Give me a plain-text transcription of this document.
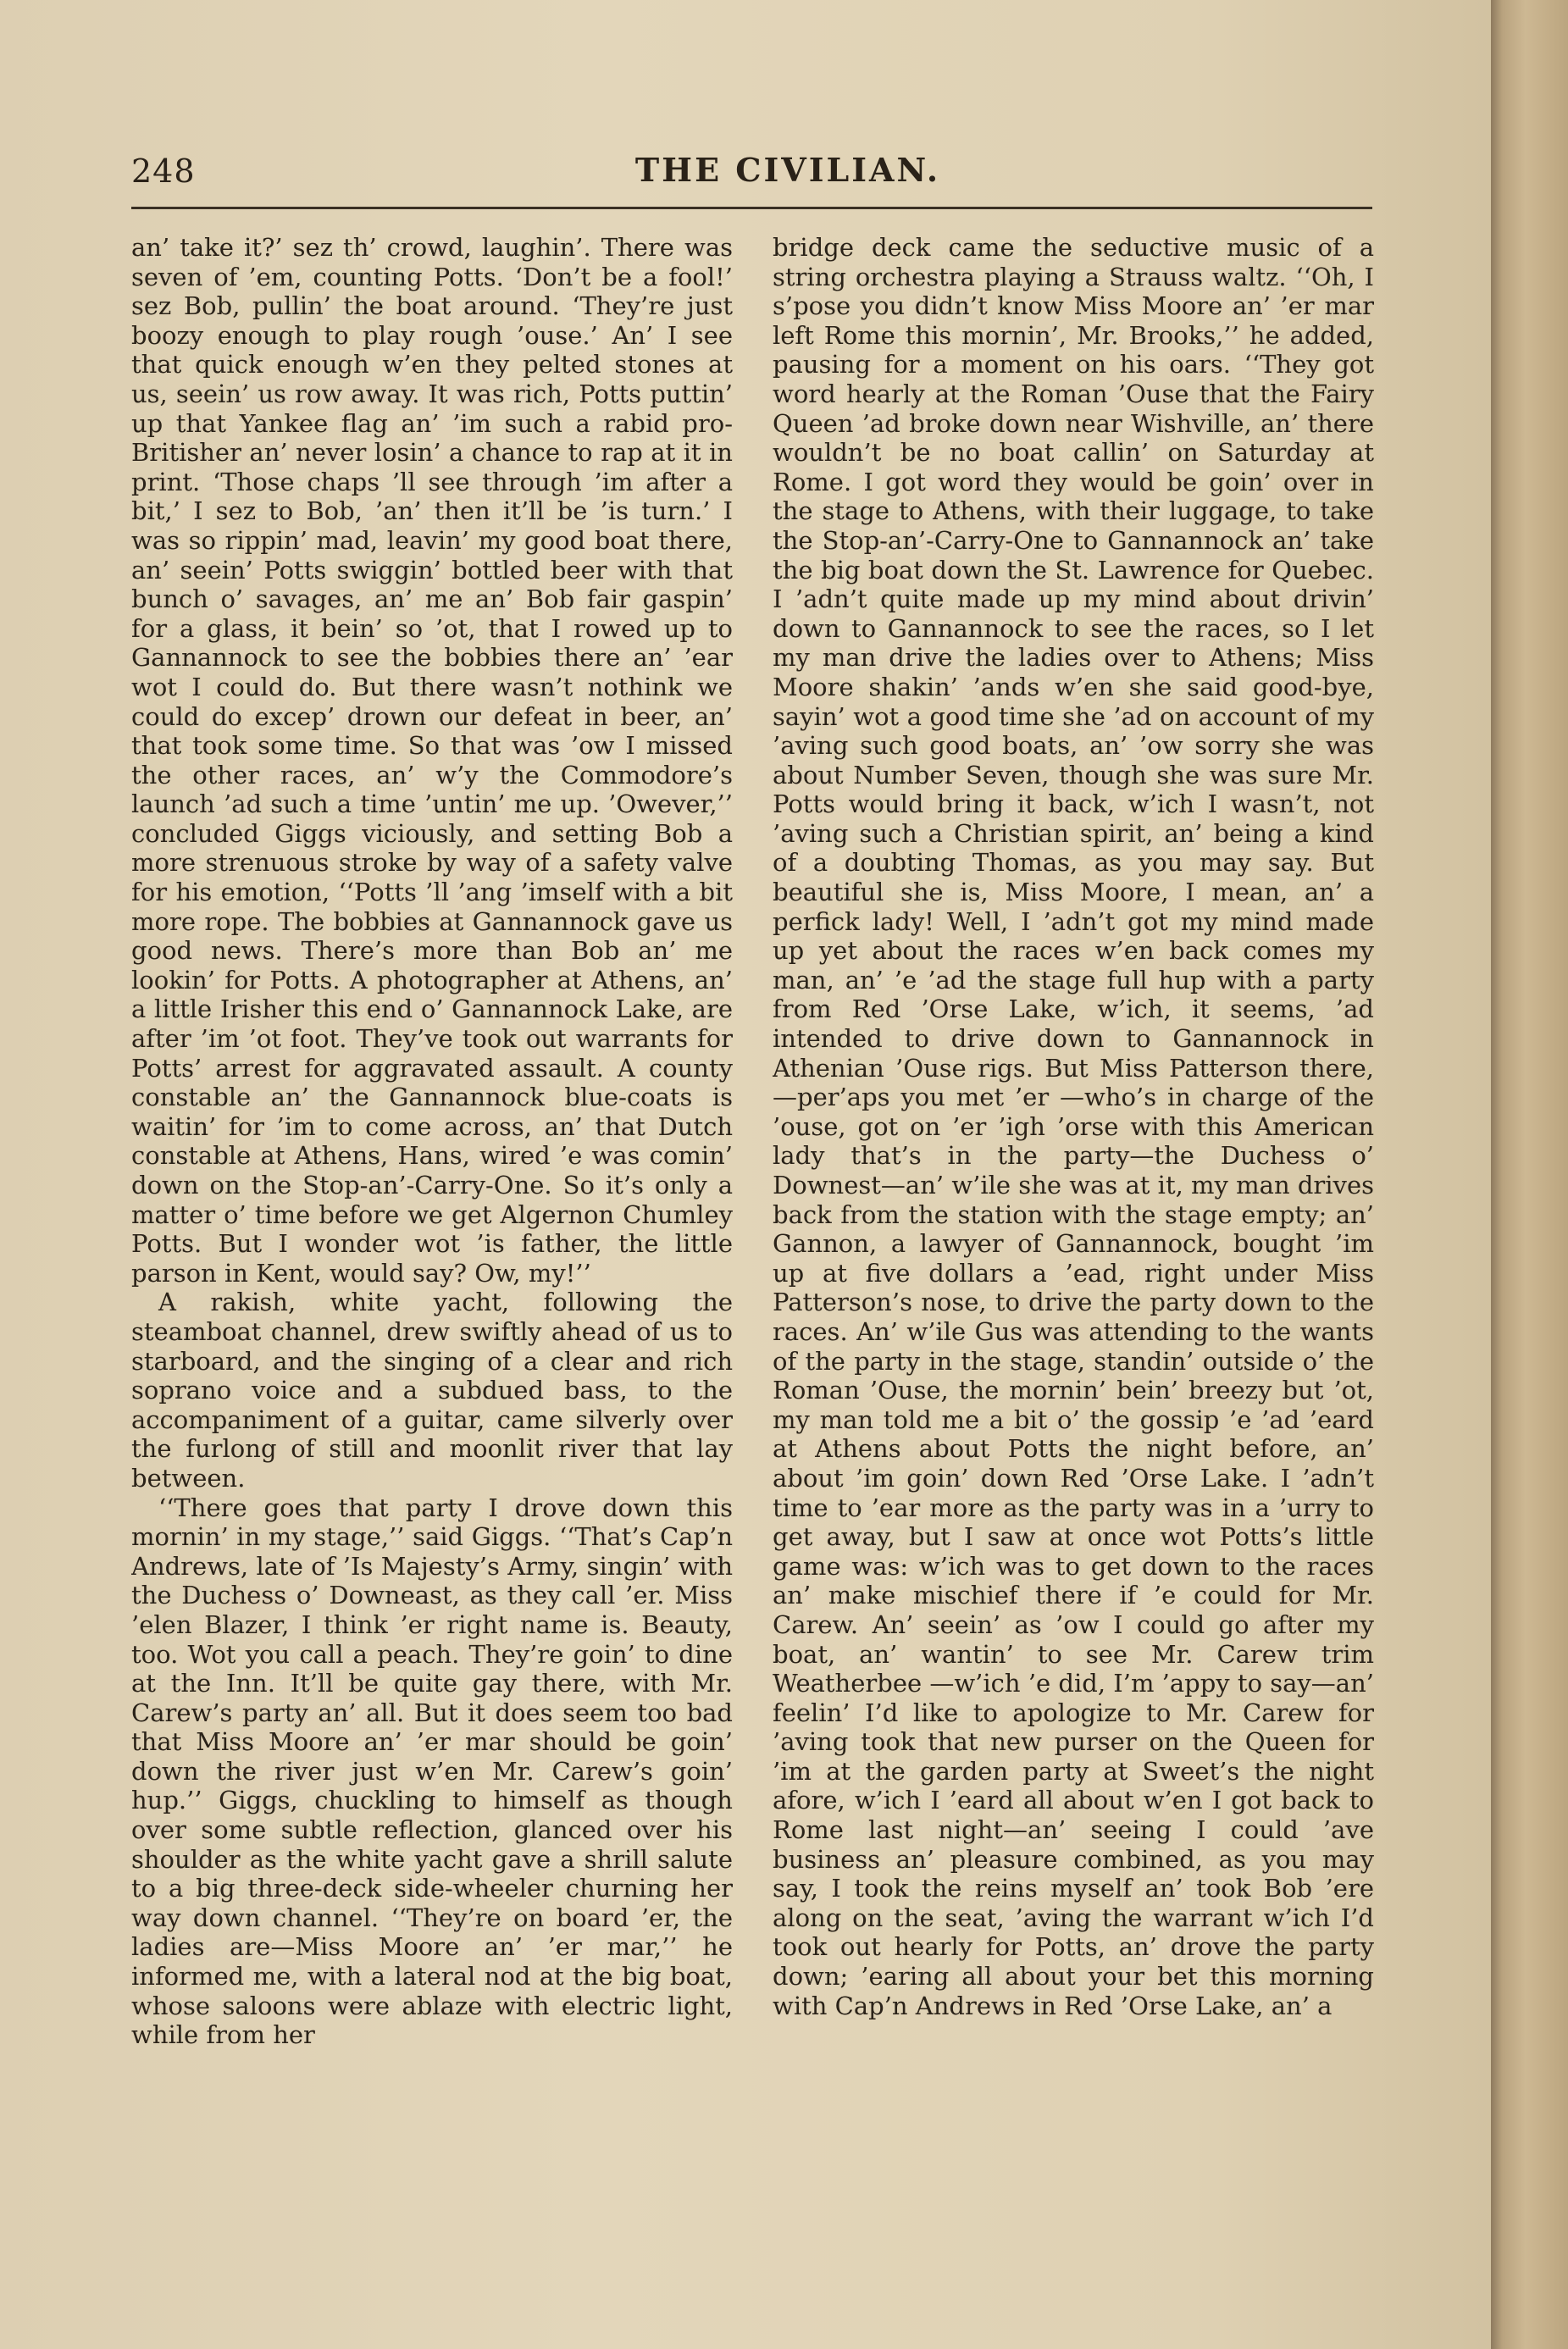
248	THE CIVILIAN.

an’ take it?’ sez th’ crowd, laughin’. There was seven of ’em, counting Potts. ‘Don’t be a fool!’ sez Bob, pullin’ the boat around. ‘They’re just boozy enough to play rough ’ouse.’ An’ I see that quick enough w’en they pelted stones at us, seein’ us row away. It was rich, Potts puttin’ up that Yankee flag an’ ’im such a rabid pro-Britisher an’ never losin’ a chance to rap at it in print. ‘Those chaps ’ll see through ’im after a bit,’ I sez to Bob, ’an’ then it’ll be ’is turn.’ I was so rippin’ mad, leavin’ my good boat there, an’ seein’ Potts swiggin’ bottled beer with that bunch o’ savages, an’ me an’ Bob fair gaspin’ for a glass, it bein’ so ’ot, that I rowed up to Gannannock to see the bobbies there an’ ’ear wot I could do. But there wasn’t nothink we could do excep’ drown our defeat in beer, an’ that took some time. So that was ’ow I missed the other races, an’ w’y the Commodore’s launch ’ad such a time ’untin’ me up. ’Owever,’’ concluded Giggs viciously, and setting Bob a more strenuous stroke by way of a safety valve for his emotion, ‘‘Potts ’ll ’ang ’imself with a bit more rope. The bobbies at Gannannock gave us good news. There’s more than Bob an’ me lookin’ for Potts. A photographer at Athens, an’ a little Irisher this end o’ Gannannock Lake, are after ’im ’ot foot. They’ve took out warrants for Potts’ arrest for aggravated assault. A county constable an’ the Gannannock blue-coats is waitin’ for ’im to come across, an’ that Dutch constable at Athens, Hans, wired ’e was comin’ down on the Stop-an’-Carry-One. So it’s only a matter o’ time before we get Algernon Chumley Potts. But I wonder wot ’is father, the little parson in Kent, would say? Ow, my!’’

A rakish, white yacht, following the steamboat channel, drew swiftly ahead of us to starboard, and the singing of a clear and rich soprano voice and a subdued bass, to the accompaniment of a guitar, came silverly over the furlong of still and moonlit river that lay between.

‘‘There goes that party I drove down this mornin’ in my stage,’’ said Giggs. ‘‘That’s Cap’n Andrews, late of ’Is Majesty’s Army, singin’ with the Duchess o’ Downeast, as they call ’er. Miss ’elen Blazer, I think ’er right name is. Beauty, too. Wot you call a peach. They’re goin’ to dine at the Inn. It’ll be quite gay there, with Mr. Carew’s party an’ all. But it does seem too bad that Miss Moore an’ ’er mar should be goin’ down the river just w’en Mr. Carew’s goin’ hup.’’ Giggs, chuckling to himself as though over some subtle reflection, glanced over his shoulder as the white yacht gave a shrill salute to a big three-deck side-wheeler churning her way down channel. ‘‘They’re on board ’er, the ladies are—Miss Moore an’ ’er mar,’’ he informed me, with a lateral nod at the big boat, whose saloons were ablaze with electric light, while from her

bridge deck came the seductive music of a string orchestra playing a Strauss waltz. ‘‘Oh, I s’pose you didn’t know Miss Moore an’ ’er mar left Rome this mornin’, Mr. Brooks,’’ he added, pausing for a moment on his oars. ‘‘They got word hearly at the Roman ’Ouse that the Fairy Queen ’ad broke down near Wishville, an’ there wouldn’t be no boat callin’ on Saturday at Rome. I got word they would be goin’ over in the stage to Athens, with their luggage, to take the Stop-an’-Carry-One to Gannannock an’ take the big boat down the St. Lawrence for Quebec. I ’adn’t quite made up my mind about drivin’ down to Gannannock to see the races, so I let my man drive the ladies over to Athens; Miss Moore shakin’ ’ands w’en she said good-bye, sayin’ wot a good time she ’ad on account of my ’aving such good boats, an’ ’ow sorry she was about Number Seven, though she was sure Mr. Potts would bring it back, w’ich I wasn’t, not ’aving such a Christian spirit, an’ being a kind of a doubting Thomas, as you may say. But beautiful she is, Miss Moore, I mean, an’ a perfick lady! Well, I ’adn’t got my mind made up yet about the races w’en back comes my man, an’ ’e ’ad the stage full hup with a party from Red ’Orse Lake, w’ich, it seems, ’ad intended to drive down to Gannannock in Athenian ’Ouse rigs. But Miss Patterson there,—per’aps you met ’er —who’s in charge of the ’ouse, got on ’er ’igh ’orse with this American lady that’s in the party—the Duchess o’ Downest—an’ w’ile she was at it, my man drives back from the station with the stage empty; an’ Gannon, a lawyer of Gannannock, bought ’im up at five dollars a ’ead, right under Miss Patterson’s nose, to drive the party down to the races. An’ w’ile Gus was attending to the wants of the party in the stage, standin’ outside o’ the Roman ’Ouse, the mornin’ bein’ breezy but ’ot, my man told me a bit o’ the gossip ’e ’ad ’eard at Athens about Potts the night before, an’ about ’im goin’ down Red ’Orse Lake. I ’adn’t time to ’ear more as the party was in a ’urry to get away, but I saw at once wot Potts’s little game was: w’ich was to get down to the races an’ make mischief there if ’e could for Mr. Carew. An’ seein’ as ’ow I could go after my boat, an’ wantin’ to see Mr. Carew trim Weatherbee —w’ich ’e did, I’m ’appy to say—an’ feelin’ I’d like to apologize to Mr. Carew for ’aving took that new purser on the Queen for ’im at the garden party at Sweet’s the night afore, w’ich I ’eard all about w’en I got back to Rome last night—an’ seeing I could ’ave business an’ pleasure combined, as you may say, I took the reins myself an’ took Bob ’ere along on the seat, ’aving the warrant w’ich I’d took out hearly for Potts, an’ drove the party down; ’earing all about your bet this morning with Cap’n Andrews in Red ’Orse Lake, an’ a
